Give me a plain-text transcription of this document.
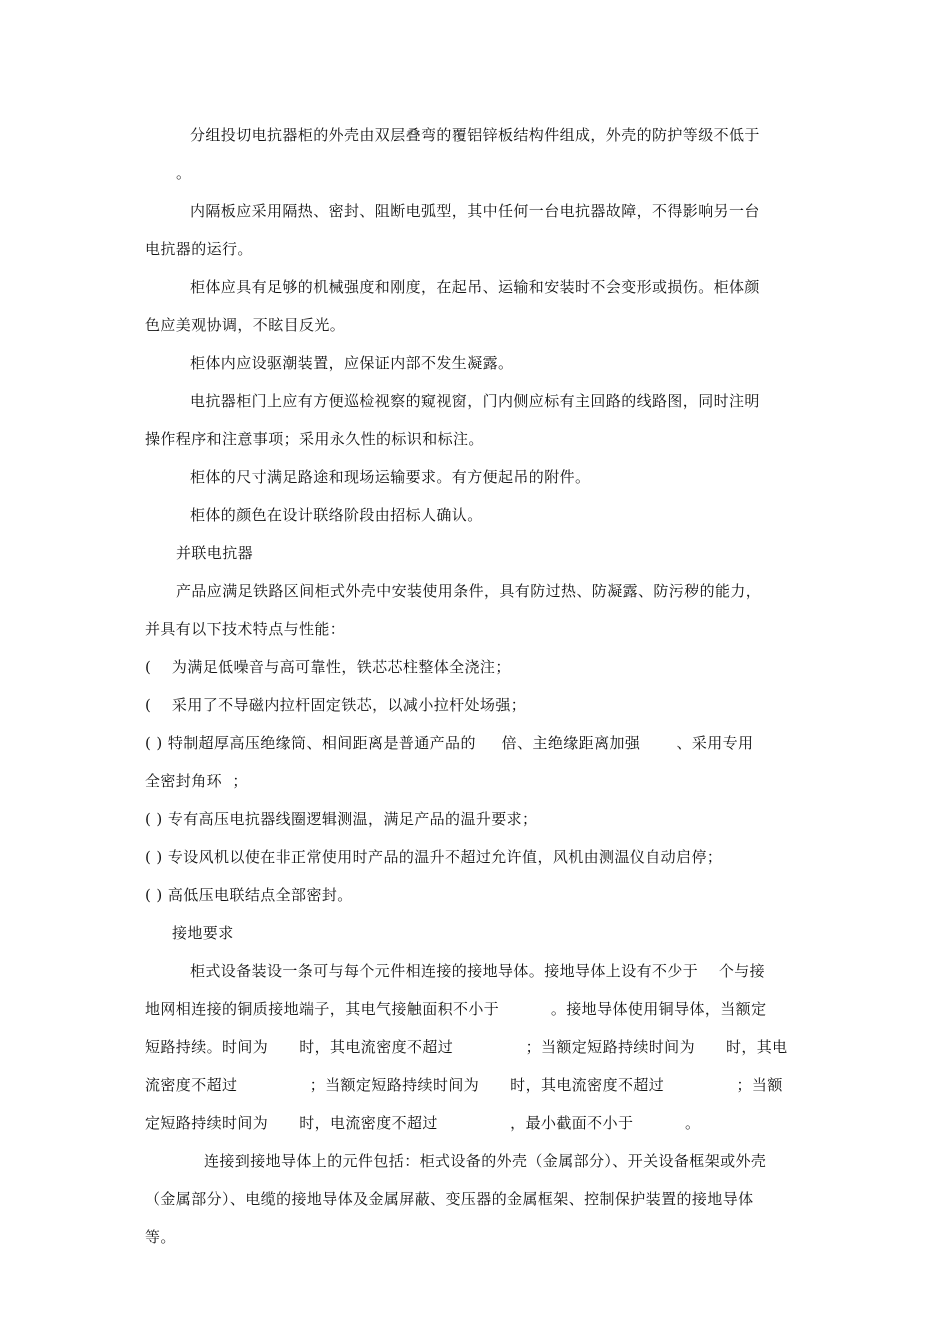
分组投切电抗器柜的外壳由双层叠弯的覆铝锌板结构件组成，外壳的防护等级不低于
。
内隔板应采用隔热、密封、阻断电弧型，其中任何一台电抗器故障，不得影响另一台
电抗器的运行。
柜体应具有足够的机械强度和刚度，在起吊、运输和安装时不会变形或损伤。柜体颜
色应美观协调，不眩目反光。
柜体内应设驱潮装置，应保证内部不发生凝露。
电抗器柜门上应有方便巡检视察的窥视窗，门内侧应标有主回路的线路图，同时注明
操作程序和注意事项；采用永久性的标识和标注。
柜体的尺寸满足路途和现场运输要求。有方便起吊的附件。
柜体的颜色在设计联络阶段由招标人确认。
并联电抗器
产品应满足铁路区间柜式外壳中安装使用条件，具有防过热、防凝露、防污秽的能力，
并具有以下技术特点与性能：
(    为满足低噪音与高可靠性，铁芯芯柱整体全浇注；
(    采用了不导磁内拉杆固定铁芯，以减小拉杆处场强；
( ) 特制超厚高压绝缘筒、相间距离是普通产品的     倍、主绝缘距离加强       、采用专用
全密封角环  ；
( ) 专有高压电抗器线圈逻辑测温，满足产品的温升要求；
( ) 专设风机以使在非正常使用时产品的温升不超过允许值，风机由测温仪自动启停；
( ) 高低压电联结点全部密封。
接地要求
柜式设备装设一条可与每个元件相连接的接地导体。接地导体上设有不少于    个与接
地网相连接的铜质接地端子，其电气接触面积不小于          。接地导体使用铜导体，当额定
短路持续。时间为      时，其电流密度不超过              ；当额定短路持续时间为      时，其电
流密度不超过              ；当额定短路持续时间为      时，其电流密度不超过              ；当额
定短路持续时间为      时，电流密度不超过              ，最小截面不小于          。
连接到接地导体上的元件包括：柜式设备的外壳（金属部分）、开关设备框架或外壳
（金属部分）、电缆的接地导体及金属屏蔽、变压器的金属框架、控制保护装置的接地导体
等。
